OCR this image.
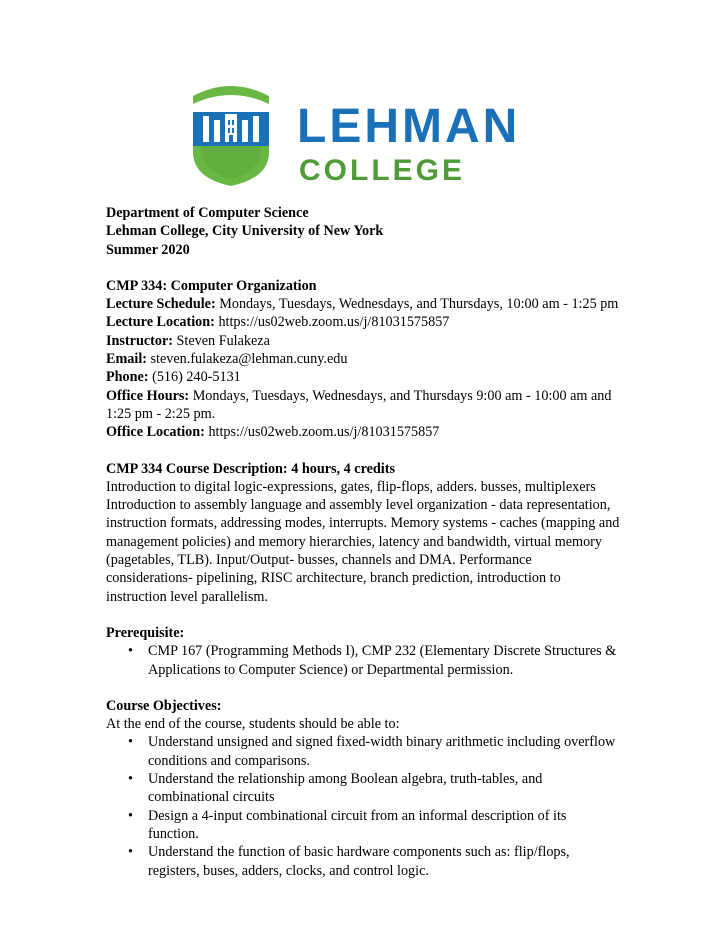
LEHMAN
COLLEGE

Department of Computer Science

Lehman College, City University of New York

Summer 2020

CMP 334: Computer Organization

Lecture Schedule: Mondays, Tuesdays, Wednesdays, and Thursdays, 10:00 am - 1:25 pm

Lecture Location: https://us02web.zoom.us/j/81031575857

Instructor: Steven Fulakeza

Email: steven.fulakeza@lehman.cuny.edu

Phone: (516) 240-5131

Office Hours: Mondays, Tuesdays, Wednesdays, and Thursdays 9:00 am - 10:00 am and

1:25 pm - 2:25 pm.

Office Location: https://us02web.zoom.us/j/81031575857

CMP 334 Course Description: 4 hours, 4 credits

Introduction to digital logic-expressions, gates, flip-flops, adders. busses, multiplexers

Introduction to assembly language and assembly level organization - data representation,

instruction formats, addressing modes, interrupts. Memory systems - caches (mapping and

management policies) and memory hierarchies, latency and bandwidth, virtual memory

(pagetables, TLB). Input/Output- busses, channels and DMA. Performance

considerations- pipelining, RISC architecture, branch prediction, introduction to

instruction level parallelism.

Prerequisite:

• CMP 167 (Programming Methods I), CMP 232 (Elementary Discrete Structures &
Applications to Computer Science) or Departmental permission.

Course Objectives:

At the end of the course, students should be able to:

• Understand unsigned and signed fixed-width binary arithmetic including overflow
conditions and comparisons.
• Understand the relationship among Boolean algebra, truth-tables, and
combinational circuits
• Design a 4-input combinational circuit from an informal description of its
function.
• Understand the function of basic hardware components such as: flip/flops,
registers, buses, adders, clocks, and control logic.
